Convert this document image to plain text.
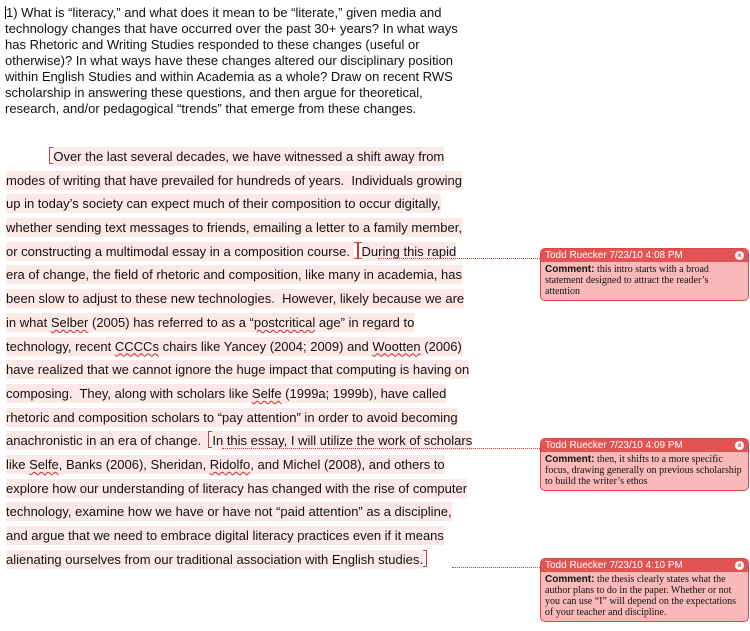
1) What is “literacy,” and what does it mean to be “literate,” given media and
technology changes that have occurred over the past 30+ years? In what ways
has Rhetoric and Writing Studies responded to these changes (useful or
otherwise)? In what ways have these changes altered our disciplinary position
within English Studies and within Academia as a whole? Draw on recent RWS
scholarship in answering these questions, and then argue for theoretical,
research, and/or pedagogical “trends” that emerge from these changes.
Over the last several decades, we have witnessed a shift away from
modes of writing that have prevailed for hundreds of years.  Individuals growing
up in today’s society can expect much of their composition to occur digitally,
whether sending text messages to friends, emailing a letter to a family member,
or constructing a multimodal essay in a composition course. During this rapid
era of change, the field of rhetoric and composition, like many in academia, has
been slow to adjust to these new technologies.  However, likely because we are
in what Selber (2005) has referred to as a “postcritical age” in regard to
technology, recent CCCCs chairs like Yancey (2004; 2009) and Wootten (2006)
have realized that we cannot ignore the huge impact that computing is having on
composing.  They, along with scholars like Selfe (1999a; 1999b), have called
rhetoric and composition scholars to “pay attention” in order to avoid becoming
anachronistic in an era of change.  In this essay, I will utilize the work of scholars
like Selfe, Banks (2006), Sheridan, Ridolfo, and Michel (2008), and others to
explore how our understanding of literacy has changed with the rise of computer
technology, examine how we have or have not “paid attention” as a discipline,
and argue that we need to embrace digital literacy practices even if it means
alienating ourselves from our traditional association with English studies.
Todd Ruecker 7/23/10 4:08 PM	×
Comment: this intro starts with a broad statement designed to attract the reader’s attention
Todd Ruecker 7/23/10 4:09 PM	×
Comment: then, it shifts to a more specific focus, drawing generally on previous scholarship to build the writer’s ethos
Todd Ruecker 7/23/10 4:10 PM	×
Comment: the thesis clearly states what the author plans to do in the paper. Whether or not you can use “I” will depend on the expectations of your teacher and discipline.
